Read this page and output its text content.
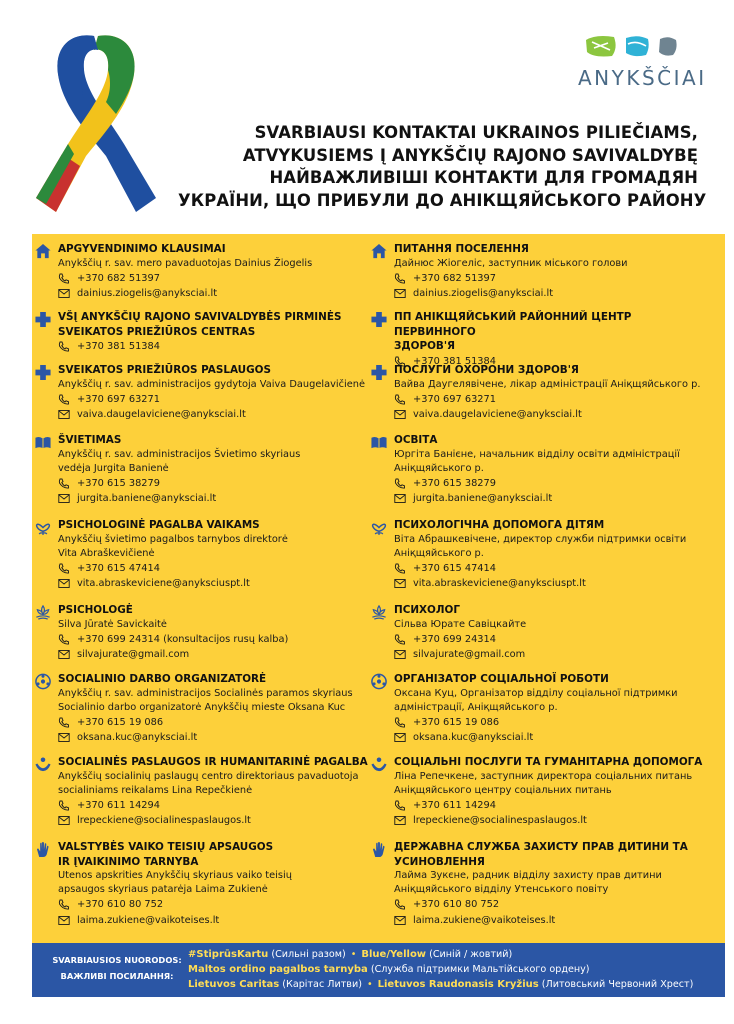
ANYKŠČIAI
SVARBIAUSI KONTAKTAI UKRAINOS PILIEČIAMS,
ATVYKUSIEMS Į ANYKŠČIŲ RAJONO SAVIVALDYBĘ
НАЙВАЖЛИВІШІ КОНТАКТИ ДЛЯ ГРОМАДЯН
УКРАЇНИ, ЩО ПРИБУЛИ ДО АНІКЩЯЙСЬКОГО РАЙОНУ
APGYVENDINIMO KLAUSIMAI
Anykščių r. sav. mero pavaduotojas Dainius Žiogelis
+370 682 51397
dainius.ziogelis@anyksciai.lt
VŠĮ ANYKŠČIŲ RAJONO SAVIVALDYBĖS PIRMINĖS
SVEIKATOS PRIEŽIŪROS CENTRAS
+370 381 51384
SVEIKATOS PRIEŽIŪROS PASLAUGOS
Anykščių r. sav. administracijos gydytoja Vaiva Daugelavičienė
+370 697 63271
vaiva.daugelaviciene@anyksciai.lt
ŠVIETIMAS
Anykščių r. sav. administracijos Švietimo skyriaus
vedėja Jurgita Banienė
+370 615 38279
jurgita.baniene@anyksciai.lt
PSICHOLOGINĖ PAGALBA VAIKAMS
Anykščių švietimo pagalbos tarnybos direktorė
Vita Abraškevičienė
+370 615 47414
vita.abraskeviciene@anyksciuspt.lt
PSICHOLOGĖ
Silva Jūratė Savickaitė
+370 699 24314 (konsultacijos rusų kalba)
silvajurate@gmail.com
SOCIALINIO DARBO ORGANIZATORĖ
Anykščių r. sav. administracijos Socialinės paramos skyriaus
Socialinio darbo organizatorė Anykščių mieste Oksana Kuc
+370 615 19 086
oksana.kuc@anyksciai.lt
SOCIALINĖS PASLAUGOS IR HUMANITARINĖ PAGALBA
Anykščių socialinių paslaugų centro direktoriaus pavaduotoja
socialiniams reikalams Lina Repečkienė
+370 611 14294
lrepeckiene@socialinespaslaugos.lt
VALSTYBĖS VAIKO TEISIŲ APSAUGOS
IR ĮVAIKINIMO TARNYBA
Utenos apskrities Anykščių skyriaus vaiko teisių
apsaugos skyriaus patarėja Laima Zukienė
+370 610 80 752
laima.zukiene@vaikoteises.lt
ПИТАННЯ ПОСЕЛЕННЯ
Дайнюс Жіогеліс, заступник міського голови
+370 682 51397
dainius.ziogelis@anyksciai.lt
ПП АНІКЩЯЙСЬКИЙ РАЙОННИЙ ЦЕНТР ПЕРВИННОГО
ЗДОРОВ'Я
+370 381 51384
ПОСЛУГИ ОХОРОНИ ЗДОРОВ'Я
Вайва Даугелявічене, лікар адміністрації Аніқщяйського р.
+370 697 63271
vaiva.daugelaviciene@anyksciai.lt
ОСВІТА
Юргіта Банієне, начальник відділу освіти адміністрації
Аніқщяйського р.
+370 615 38279
jurgita.baniene@anyksciai.lt
ПСИХОЛОГІЧНА ДОПОМОГА ДІТЯМ
Віта Абрашкевічене, директор служби підтримки освіти
Аніқщяйського р.
+370 615 47414
vita.abraskeviciene@anyksciuspt.lt
ПСИХОЛОГ
Сільва Юрате Савіцкайте
+370 699 24314
silvajurate@gmail.com
ОРГАНІЗАТОР СОЦІАЛЬНОЇ РОБОТИ
Оксана Куц, Організатор відділу соціальної підтримки
адміністрації, Аніқщяйського р.
+370 615 19 086
oksana.kuc@anyksciai.lt
СОЦІАЛЬНІ ПОСЛУГИ ТА ГУМАНІТАРНА ДОПОМОГА
Ліна Репечкене, заступник директора соціальних питань
Аніқщяйського центру соціальних питань
+370 611 14294
lrepeckiene@socialinespaslaugos.lt
ДЕРЖАВНА СЛУЖБА ЗАХИСТУ ПРАВ ДИТИНИ ТА
УСИНОВЛЕННЯ
Лайма Зукєне, радник відділу захисту прав дитини
Аніқщяйського відділу Утенського повіту
+370 610 80 752
laima.zukiene@vaikoteises.lt
SVARBIAUSIOS NUORODOS:
ВАЖЛИВІ ПОСИЛАННЯ:
#StiprūsKartu (Сильні разом) • Blue/Yellow (Синій / жовтий)
Maltos ordino pagalbos tarnyba (Служба підтримки Мальтійського ордену)
Lietuvos Caritas (Карітас Литви) • Lietuvos Raudonasis Kryžius (Литовський Червоний Хрест)
